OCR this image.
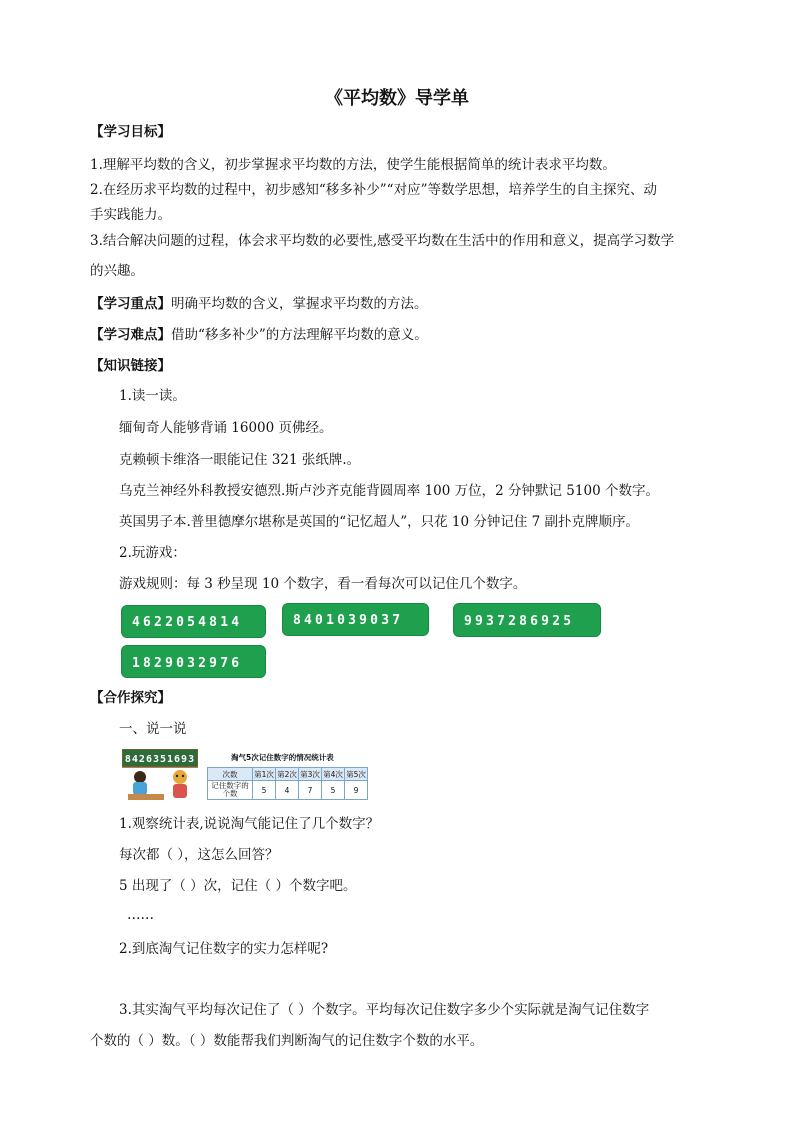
《平均数》导学单
【学习目标】
1.理解平均数的含义，初步掌握求平均数的方法，使学生能根据简单的统计表求平均数。
2.在经历求平均数的过程中，初步感知“移多补少”“对应”等数学思想，培养学生的自主探究、动
手实践能力。
3.结合解决问题的过程，体会求平均数的必要性,感受平均数在生活中的作用和意义，提高学习数学
的兴趣。
【学习重点】明确平均数的含义，掌握求平均数的方法。
【学习难点】借助“移多补少”的方法理解平均数的意义。
【知识链接】
1.读一读。
缅甸奇人能够背诵 16000 页佛经。
克赖顿卡维洛一眼能记住 321 张纸牌.。
乌克兰神经外科教授安德烈.斯卢沙齐克能背圆周率 100 万位，2 分钟默记 5100 个数字。
英国男子本.普里德摩尔堪称是英国的“记忆超人”，只花 10 分钟记住 7 副扑克牌顺序。
2.玩游戏：
游戏规则：每 3 秒呈现 10 个数字，看一看每次可以记住几个数字。
4622054814	8401039037	9937286925
1829032976
【合作探究】
一、说一说
8426351693	淘气5次记住数字的情况统计表
次数	第1次	第2次	第3次	第4次	第5次
记住数字的个数	5	4	7	5	9
1.观察统计表,说说淘气能记住了几个数字？
每次都（ ），这怎么回答？
5 出现了（ ）次，记住（ ）个数字吧。
……
2.到底淘气记住数字的实力怎样呢?
3.其实淘气平均每次记住了（ ）个数字。平均每次记住数字多少个实际就是淘气记住数字
个数的（ ）数。（ ）数能帮我们判断淘气的记住数字个数的水平。
